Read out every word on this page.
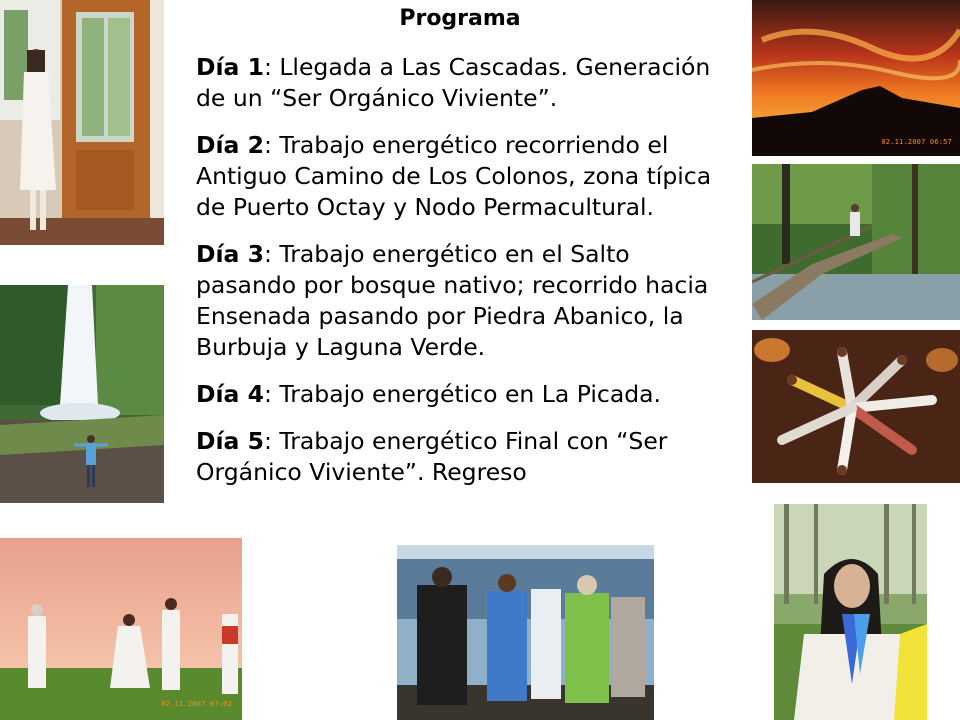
02.11.2007 06:57
02.11.2007 07:02
Programa

Día 1: Llegada a Las Cascadas. Generación de un “Ser Orgánico Viviente”.

Día 2: Trabajo energético recorriendo el Antiguo Camino de Los Colonos, zona típica de Puerto Octay y Nodo Permacultural.

Día 3: Trabajo energético en el Salto pasando por bosque nativo; recorrido hacia Ensenada pasando por Piedra Abanico, la Burbuja y Laguna Verde.

Día 4: Trabajo energético en La Picada.

Día 5: Trabajo energético Final con “Ser Orgánico Viviente”. Regreso
